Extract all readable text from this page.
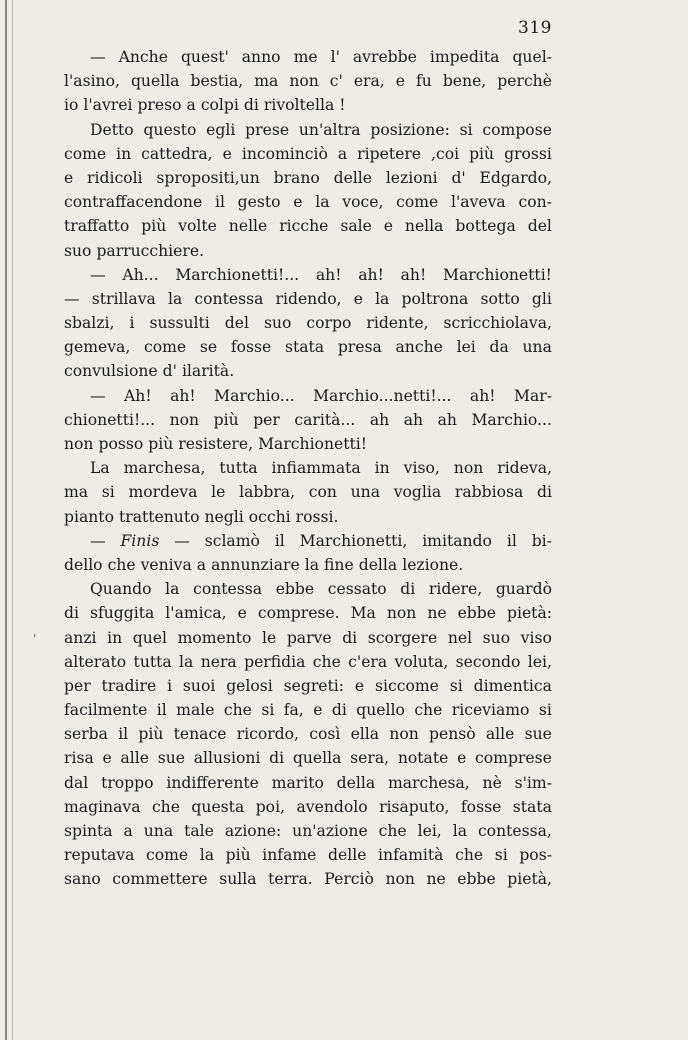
319
'
— Anche quest' anno me l' avrebbe impedita quel-
l'asino, quella bestia, ma non c' era, e fu bene, perchè
io l'avrei preso a colpi di rivoltella !
Detto questo egli prese un'altra posizione: si compose
come in cattedra, e incominciò a ripetere ,coi più grossi
e ridicoli spropositi,un brano delle lezioni d' Edgardo,
contraffacendone il gesto e la voce, come l'aveva con-
traffatto più volte nelle ricche sale e nella bottega del
suo parrucchiere.
— Ah... Marchionetti!... ah! ah! ah! Marchionetti!
— strillava la contessa ridendo, e la poltrona sotto gli
sbalzi, i sussulti del suo corpo ridente, scricchiolava,
gemeva, come se fosse stata presa anche lei da una
convulsione d' ilarità.
— Ah! ah! Marchio... Marchio...netti!... ah! Mar-
chionetti!... non più per carità... ah ah ah Marchio...
non posso più resistere, Marchionetti!
La marchesa, tutta infiammata in viso, non rideva,
ma si mordeva le labbra, con una voglia rabbiosa di
pianto trattenuto negli occhi rossi.
— Finis — sclamò il Marchionetti, imitando il bi-
dello che veniva a annunziare la fine della lezione.
Quando la contessa ebbe cessato di ridere, guardò
di sfuggita l'amica, e comprese. Ma non ne ebbe pietà:
anzi in quel momento le parve di scorgere nel suo viso
alterato tutta la nera perfidia che c'era voluta, secondo lei,
per tradire i suoi gelosi segreti: e siccome si dimentica
facilmente il male che si fa, e di quello che riceviamo si
serba il più tenace ricordo, così ella non pensò alle sue
risa e alle sue allusioni di quella sera, notate e comprese
dal troppo indifferente marito della marchesa, nè s'im-
maginava che questa poi, avendolo risaputo, fosse stata
spinta a una tale azione: un'azione che lei, la contessa,
reputava come la più infame delle infamità che si pos-
sano commettere sulla terra. Perciò non ne ebbe pietà,
